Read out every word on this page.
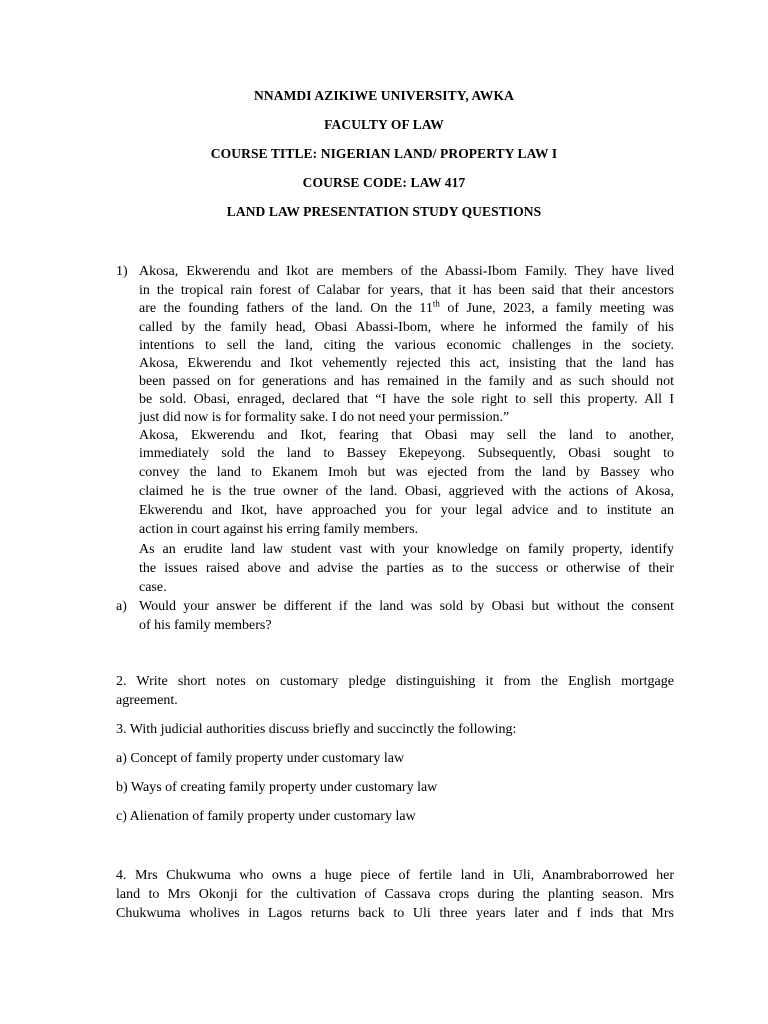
NNAMDI AZIKIWE UNIVERSITY, AWKA
FACULTY OF LAW
COURSE TITLE: NIGERIAN LAND/ PROPERTY LAW I
COURSE CODE: LAW 417
LAND LAW PRESENTATION STUDY QUESTIONS
1) Akosa, Ekwerendu and Ikot are members of the Abassi-Ibom Family. They have lived
in the tropical rain forest of Calabar for years, that it has been said that their ancestors
are the founding fathers of the land. On the 11th of June, 2023, a family meeting was
called by the family head, Obasi Abassi-Ibom, where he informed the family of his
intentions to sell the land, citing the various economic challenges in the society.
Akosa, Ekwerendu and Ikot vehemently rejected this act, insisting that the land has
been passed on for generations and has remained in the family and as such should not
be sold. Obasi, enraged, declared that “I have the sole right to sell this property. All I
just did now is for formality sake. I do not need your permission.”
Akosa, Ekwerendu and Ikot, fearing that Obasi may sell the land to another,
immediately sold the land to Bassey Ekepeyong. Subsequently, Obasi sought to
convey the land to Ekanem Imoh but was ejected from the land by Bassey who
claimed he is the true owner of the land. Obasi, aggrieved with the actions of Akosa,
Ekwerendu and Ikot, have approached you for your legal advice and to institute an
action in court against his erring family members.
As an erudite land law student vast with your knowledge on family property, identify
the issues raised above and advise the parties as to the success or otherwise of their
case.
a) Would your answer be different if the land was sold by Obasi but without the consent
of his family members?
2. Write short notes on customary pledge distinguishing it from the English mortgage
agreement.
3. With judicial authorities discuss briefly and succinctly the following:
a) Concept of family property under customary law
b) Ways of creating family property under customary law
c) Alienation of family property under customary law
4. Mrs Chukwuma who owns a huge piece of fertile land in Uli, Anambraborrowed her
land to Mrs Okonji for the cultivation of Cassava crops during the planting season. Mrs
Chukwuma wholives in Lagos returns back to Uli three years later and f inds that Mrs
